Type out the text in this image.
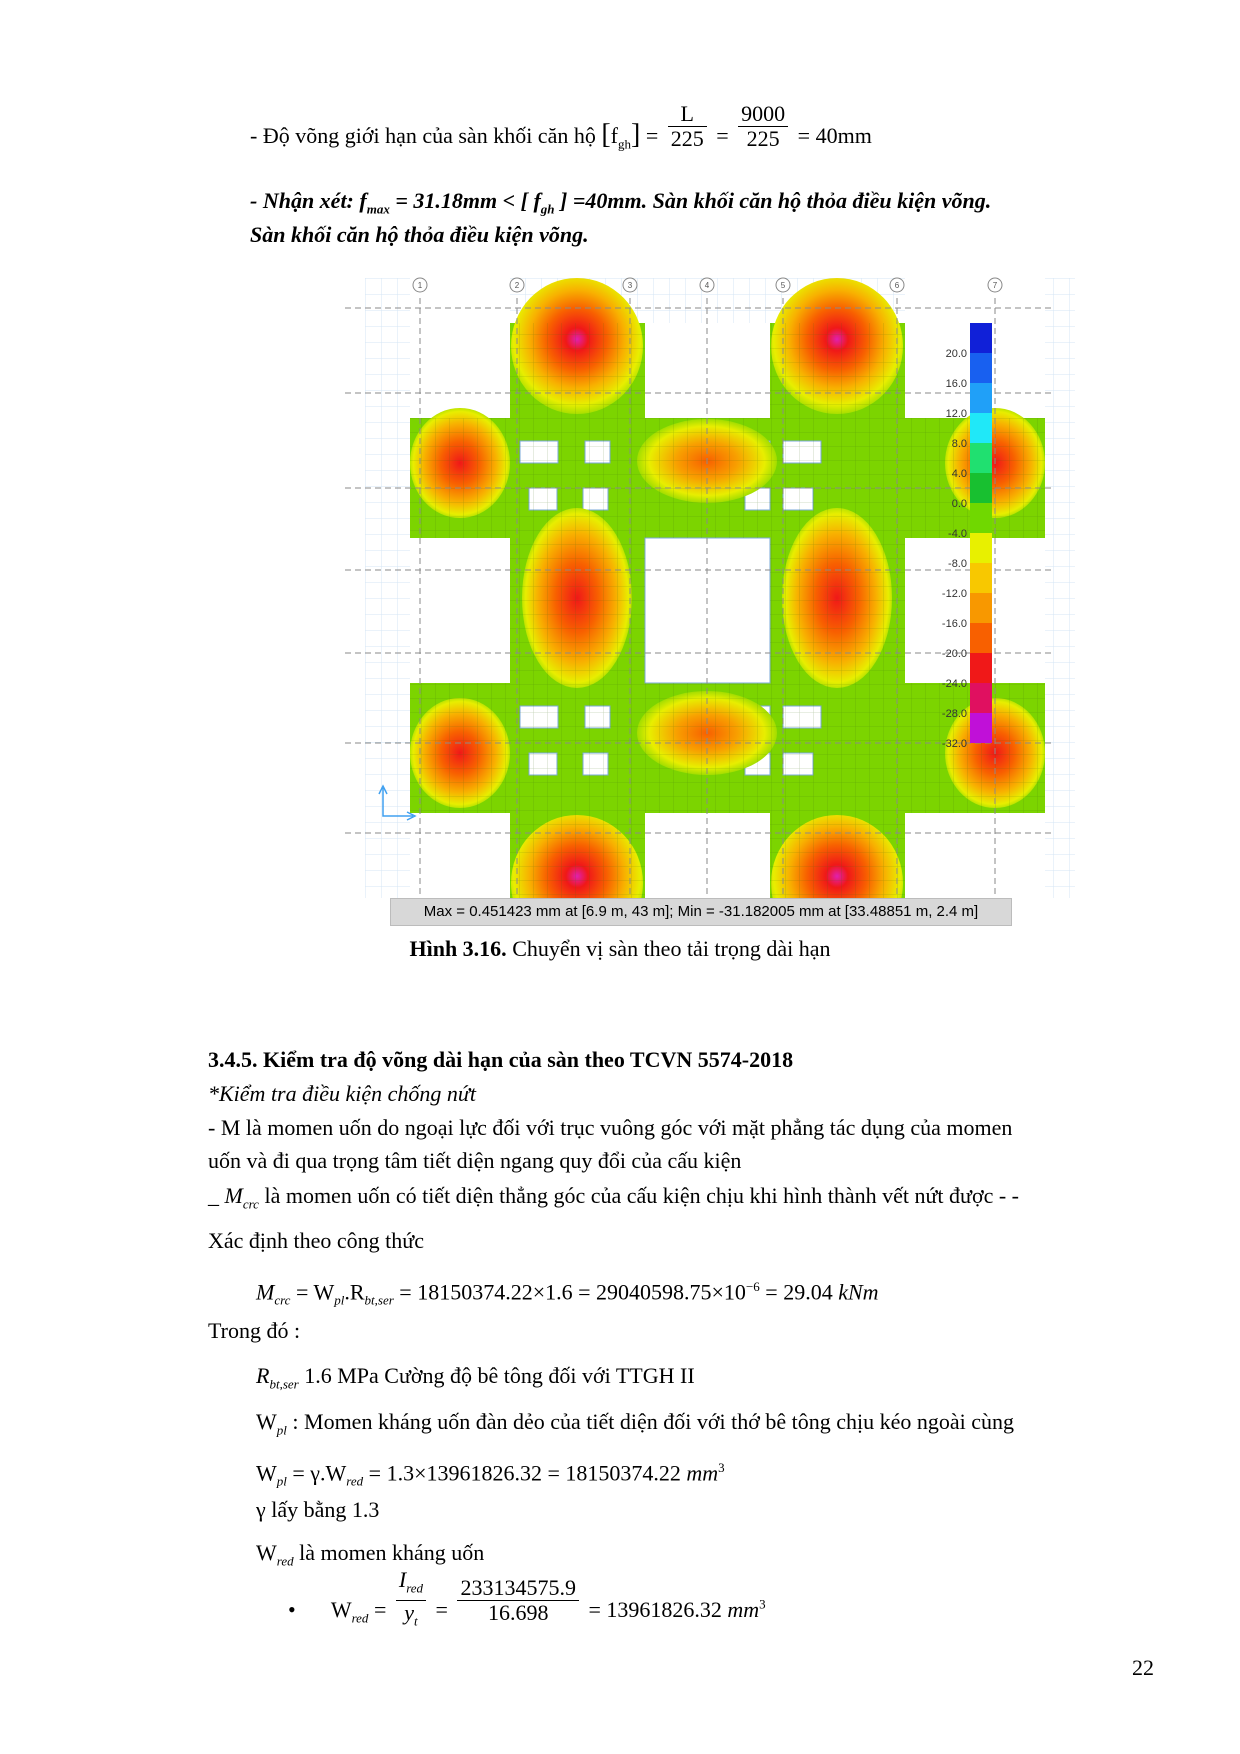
- Độ võng giới hạn của sàn khối căn hộ $[f_{gh}] = \frac{L}{225} = \frac{9000}{225} = 40mm$
- Nhận xét: $f_{max} = 31.18mm$ < [ $f_{gh}$ ] =40mm. Sàn khối căn hộ thỏa điều kiện võng.
Sàn khối căn hộ thỏa điều kiện võng.
1	2	3	4	5	6	7
20.0
16.0
12.0
8.0
4.0
0.0
-4.0
-8.0
-12.0
-16.0
-20.0
-24.0
-28.0
-32.0
Max = 0.451423 mm at [6.9 m, 43 m]; Min = -31.182005 mm at [33.48851 m, 2.4 m]
Hình 3.16. Chuyển vị sàn theo tải trọng dài hạn
3.4.5. Kiểm tra độ võng dài hạn của sàn theo TCVN 5574-2018
*Kiểm tra điều kiện chống nứt
- M là momen uốn do ngoại lực đối với trục vuông góc với mặt phẳng tác dụng của momen
uốn và đi qua trọng tâm tiết diện ngang quy đổi của cấu kiện
_ $M_{crc}$ là momen uốn có tiết diện thẳng góc của cấu kiện chịu khi hình thành vết nứt được - -
Xác định theo công thức
$M_{crc} = W_{pl}.R_{bt,ser} = 18150374.22\times 1.6 = 29040598.75\times 10^{-6} = 29.04$ kNm
Trong đó :
$R_{bt,ser}$ 1.6 MPa Cường độ bê tông đối với TTGH II
$W_{pl}$ : Momen kháng uốn đàn dẻo của tiết diện đối với thớ bê tông chịu kéo ngoài cùng
$W_{pl} = \gamma.W_{red} = 1.3\times 13961826.32 = 18150374.22$ $mm^3$
γ lấy bằng 1.3
$W_{red}$ là momen kháng uốn
• $W_{red} = \frac{I_{red}}{y_t} = \frac{233134575.9}{16.698} = 13961826.32$ $mm^3$
22
